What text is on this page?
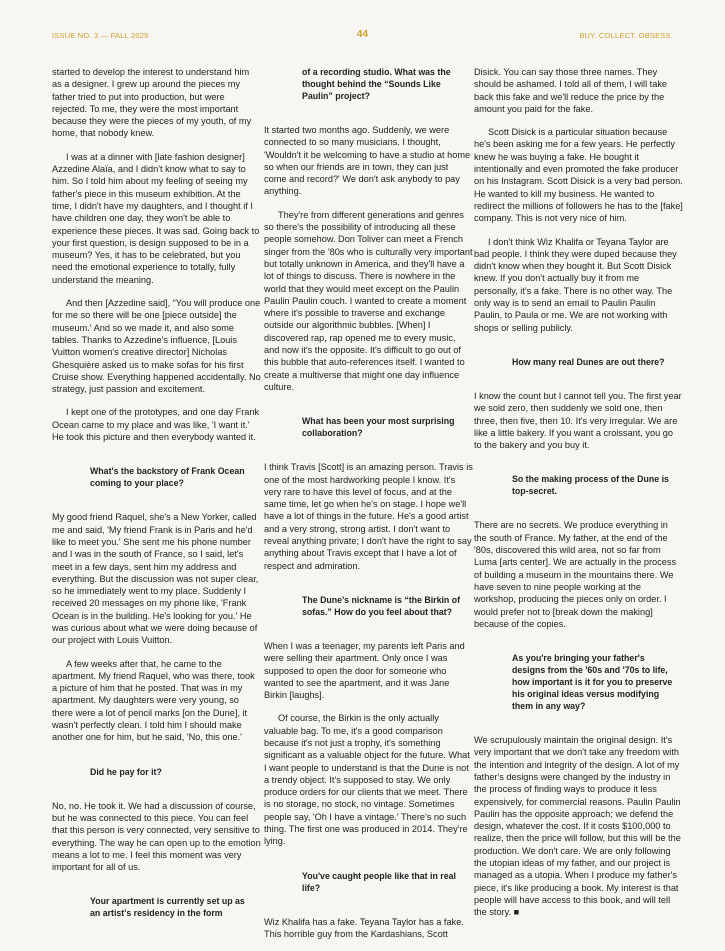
ISSUE NO. 3 — FALL 2025	44	BUY. COLLECT. OBSESS.

started to develop the interest to understand him as a designer. I grew up around the pieces my father tried to put into production, but were rejected. To me, they were the most important because they were the pieces of my youth, of my home, that nobody knew.

I was at a dinner with [late fashion designer] Azzedine Alaïa, and I didn't know what to say to him. So I told him about my feeling of seeing my father's piece in this museum exhibition. At the time, I didn't have my daughters, and I thought if I have children one day, they won't be able to experience these pieces. It was sad. Going back to your first question, is design supposed to be in a museum? Yes, it has to be celebrated, but you need the emotional experience to totally, fully understand the meaning.

And then [Azzedine said], “You will produce one for me so there will be one [piece outside] the museum.' And so we made it, and also some tables. Thanks to Azzedine's influence, [Louis Vuitton women's creative director] Nicholas Ghesquière asked us to make sofas for his first Cruise show. Everything happened accidentally. No strategy, just passion and excitement.

I kept one of the prototypes, and one day Frank Ocean came to my place and was like, 'I want it.' He took this picture and then everybody wanted it.

What's the backstory of Frank Ocean coming to your place?

My good friend Raquel, she's a New Yorker, called me and said, 'My friend Frank is in Paris and he'd like to meet you.' She sent me his phone number and I was in the south of France, so I said, let's meet in a few days, sent him my address and everything. But the discussion was not super clear, so he immediately went to my place. Suddenly I received 20 messages on my phone like, 'Frank Ocean is in the building. He's looking for you.' He was curious about what we were doing because of our project with Louis Vuitton.

A few weeks after that, he came to the apartment. My friend Raquel, who was there, took a picture of him that he posted. That was in my apartment. My daughters were very young, so there were a lot of pencil marks [on the Dune], it wasn't perfectly clean. I told him I should make another one for him, but he said, 'No, this one.'

Did he pay for it?

No, no. He took it. We had a discussion of course, but he was connected to this piece. You can feel that this person is very connected, very sensitive to everything. The way he can open up to the emotion means a lot to me. I feel this moment was very important for all of us.

Your apartment is currently set up as an artist's residency in the form

of a recording studio. What was the thought behind the “Sounds Like Paulin” project?

It started two months ago. Suddenly, we were connected to so many musicians. I thought, 'Wouldn't it be welcoming to have a studio at home so when our friends are in town, they can just come and record?' We don't ask anybody to pay anything.

They're from different generations and genres so there's the possibility of introducing all these people somehow. Don Toliver can meet a French singer from the '80s who is culturally very important but totally unknown in America, and they'll have a lot of things to discuss. There is nowhere in the world that they would meet except on the Paulin Paulin Paulin couch. I wanted to create a moment where it's possible to traverse and exchange outside our algorithmic bubbles. [When] I discovered rap, rap opened me to every music, and now it's the opposite. It's difficult to go out of this bubble that auto-references itself. I wanted to create a multiverse that might one day influence culture.

What has been your most surprising collaboration?

I think Travis [Scott] is an amazing person. Travis is one of the most hardworking people I know. It's very rare to have this level of focus, and at the same time, let go when he's on stage. I hope we'll have a lot of things in the future. He's a good artist and a very strong, strong artist. I don't want to reveal anything private; I don't have the right to say anything about Travis except that I have a lot of respect and admiration.

The Dune's nickname is “the Birkin of sofas.” How do you feel about that?

When I was a teenager, my parents left Paris and were selling their apartment. Only once I was supposed to open the door for someone who wanted to see the apartment, and it was Jane Birkin [laughs].

Of course, the Birkin is the only actually valuable bag. To me, it's a good comparison because it's not just a trophy, it's something significant as a valuable object for the future. What I want people to understand is that the Dune is not a trendy object. It's supposed to stay. We only produce orders for our clients that we meet. There is no storage, no stock, no vintage. Sometimes people say, 'Oh I have a vintage.' There's no such thing. The first one was produced in 2014. They're lying.

You've caught people like that in real life?

Wiz Khalifa has a fake. Teyana Taylor has a fake. This horrible guy from the Kardashians, Scott

Disick. You can say those three names. They should be ashamed. I told all of them, I will take back this fake and we'll reduce the price by the amount you paid for the fake.

Scott Disick is a particular situation because he's been asking me for a few years. He perfectly knew he was buying a fake. He bought it intentionally and even promoted the fake producer on his Instagram. Scott Disick is a very bad person. He wanted to kill my business. He wanted to redirect the millions of followers he has to the [fake] company. This is not very nice of him.

I don't think Wiz Khalifa or Teyana Taylor are bad people. I think they were duped because they didn't know when they bought it. But Scott Disick knew. If you don't actually buy it from me personally, it's a fake. There is no other way. The only way is to send an email to Paulin Paulin Paulin, to Paula or me. We are not working with shops or selling publicly.

How many real Dunes are out there?

I know the count but I cannot tell you. The first year we sold zero, then suddenly we sold one, then three, then five, then 10. It's very irregular. We are like a little bakery. If you want a croissant, you go to the bakery and you buy it.

So the making process of the Dune is top-secret.

There are no secrets. We produce everything in the south of France. My father, at the end of the '80s, discovered this wild area, not so far from Luma [arts center]. We are actually in the process of building a museum in the mountains there. We have seven to nine people working at the workshop, producing the pieces only on order. I would prefer not to [break down the making] because of the copies.

As you're bringing your father's designs from the '60s and '70s to life, how important is it for you to preserve his original ideas versus modifying them in any way?

We scrupulously maintain the original design. It's very important that we don't take any freedom with the intention and integrity of the design. A lot of my father's designs were changed by the industry in the process of finding ways to produce it less expensively, for commercial reasons. Paulin Paulin Paulin has the opposite approach; we defend the design, whatever the cost. If it costs $100,000 to realize, then the price will follow, but this will be the production. We don't care. We are only following the utopian ideas of my father, and our project is managed as a utopia. When I produce my father's piece, it's like producing a book. My interest is that people will have access to this book, and will tell the story. ■
